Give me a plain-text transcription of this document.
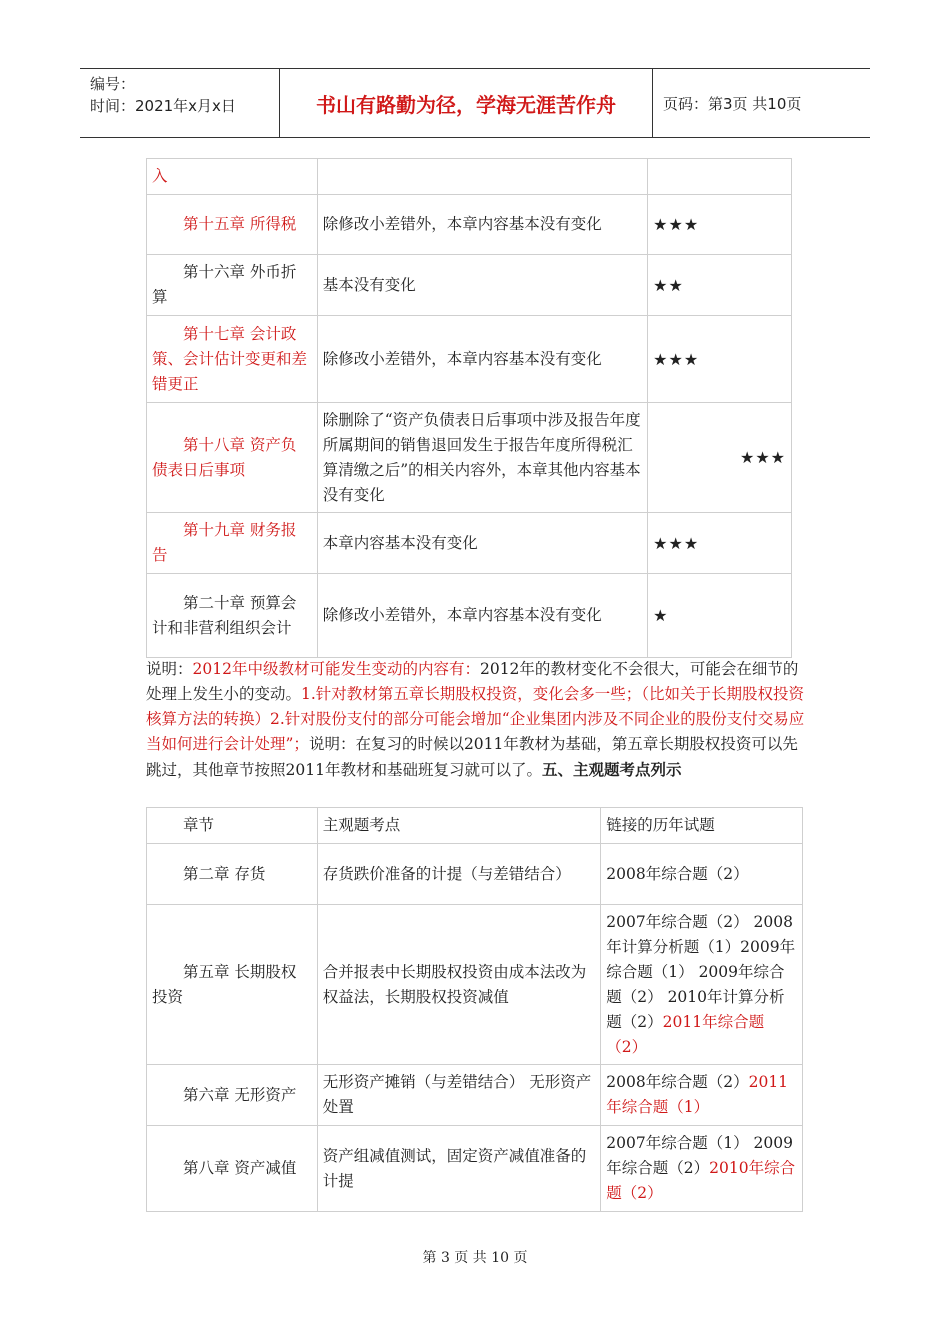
编号：
时间：2021年x月x日	书山有路勤为径，学海无涯苦作舟	页码：第3页 共10页
入		
第十五章 所得税	除修改小差错外，本章内容基本没有变化	★★★
第十六章 外币折算	基本没有变化	★★
第十七章 会计政策、会计估计变更和差错更正	除修改小差错外，本章内容基本没有变化	★★★
第十八章 资产负债表日后事项	除删除了“资产负债表日后事项中涉及报告年度所属期间的销售退回发生于报告年度所得税汇算清缴之后”的相关内容外，本章其他内容基本没有变化	★★★
第十九章 财务报告	本章内容基本没有变化	★★★
第二十章 预算会计和非营利组织会计	除修改小差错外，本章内容基本没有变化	★
说明：2012年中级教材可能发生变动的内容有：2012年的教材变化不会很大，可能会在细节的处理上发生小的变动。1.针对教材第五章长期股权投资，变化会多一些；（比如关于长期股权投资核算方法的转换）2.针对股份支付的部分可能会增加“企业集团内涉及不同企业的股份支付交易应当如何进行会计处理”；说明：在复习的时候以2011年教材为基础，第五章长期股权投资可以先跳过，其他章节按照2011年教材和基础班复习就可以了。五、主观题考点列示
章节	主观题考点	链接的历年试题
第二章 存货	存货跌价准备的计提（与差错结合）	2008年综合题（2）
第五章 长期股权投资	合并报表中长期股权投资由成本法改为权益法，长期股权投资减值	2007年综合题（2） 2008年计算分析题（1）2009年综合题（1） 2009年综合题（2） 2010年计算分析题（2）2011年综合题（2）
第六章 无形资产	无形资产摊销（与差错结合） 无形资产处置	2008年综合题（2）2011年综合题（1）
第八章 资产减值	资产组减值测试，固定资产减值准备的计提	2007年综合题（1） 2009年综合题（2）2010年综合题（2）
第 3 页 共 10 页
